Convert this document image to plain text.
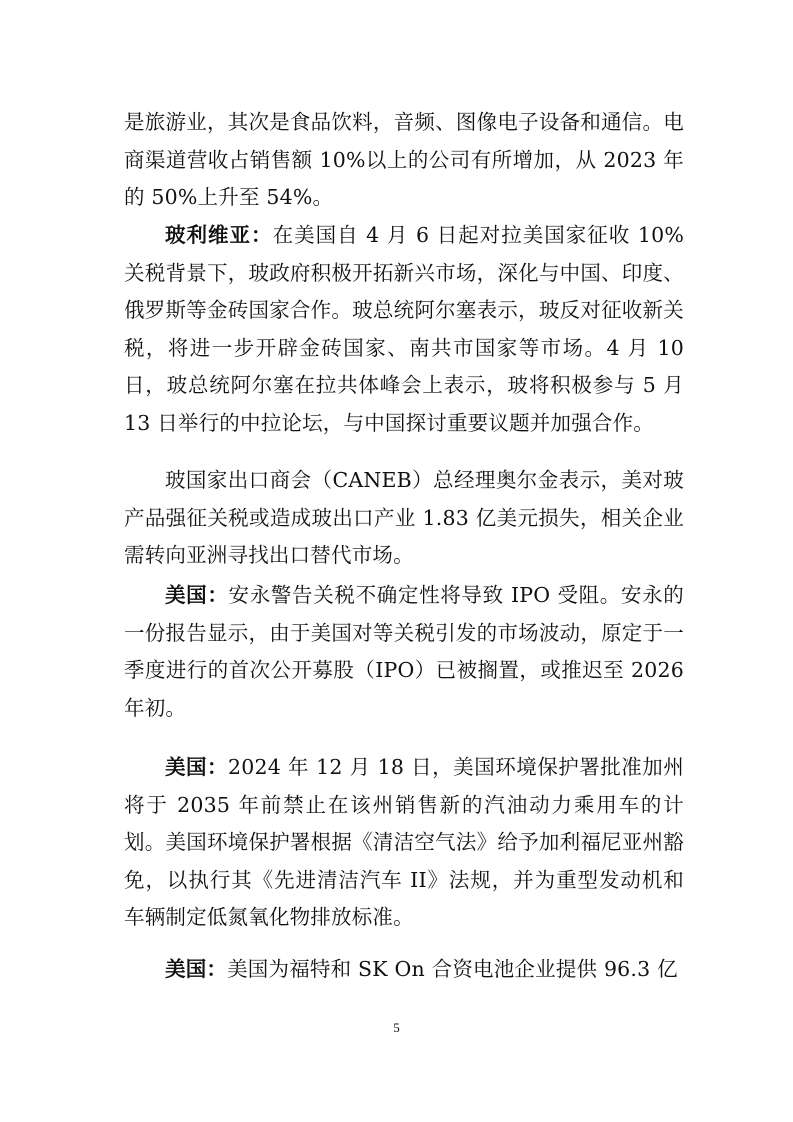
是旅游业，其次是食品饮料，音频、图像电子设备和通信。电商渠道营收占销售额 10%以上的公司有所增加，从 2023 年的 50%上升至 54%。

玻利维亚：在美国自 4 月 6 日起对拉美国家征收 10%关税背景下，玻政府积极开拓新兴市场，深化与中国、印度、俄罗斯等金砖国家合作。玻总统阿尔塞表示，玻反对征收新关税，将进一步开辟金砖国家、南共市国家等市场。4 月 10 日，玻总统阿尔塞在拉共体峰会上表示，玻将积极参与 5 月 13 日举行的中拉论坛，与中国探讨重要议题并加强合作。

玻国家出口商会（CANEB）总经理奥尔金表示，美对玻产品强征关税或造成玻出口产业 1.83 亿美元损失，相关企业需转向亚洲寻找出口替代市场。

美国：安永警告关税不确定性将导致 IPO 受阻。安永的一份报告显示，由于美国对等关税引发的市场波动，原定于一季度进行的首次公开募股（IPO）已被搁置，或推迟至 2026 年初。

美国：2024 年 12 月 18 日，美国环境保护署批准加州将于 2035 年前禁止在该州销售新的汽油动力乘用车的计划。美国环境保护署根据《清洁空气法》给予加利福尼亚州豁免，以执行其《先进清洁汽车 II》法规，并为重型发动机和车辆制定低氮氧化物排放标准。

美国：美国为福特和 SK On 合资电池企业提供 96.3 亿

5
